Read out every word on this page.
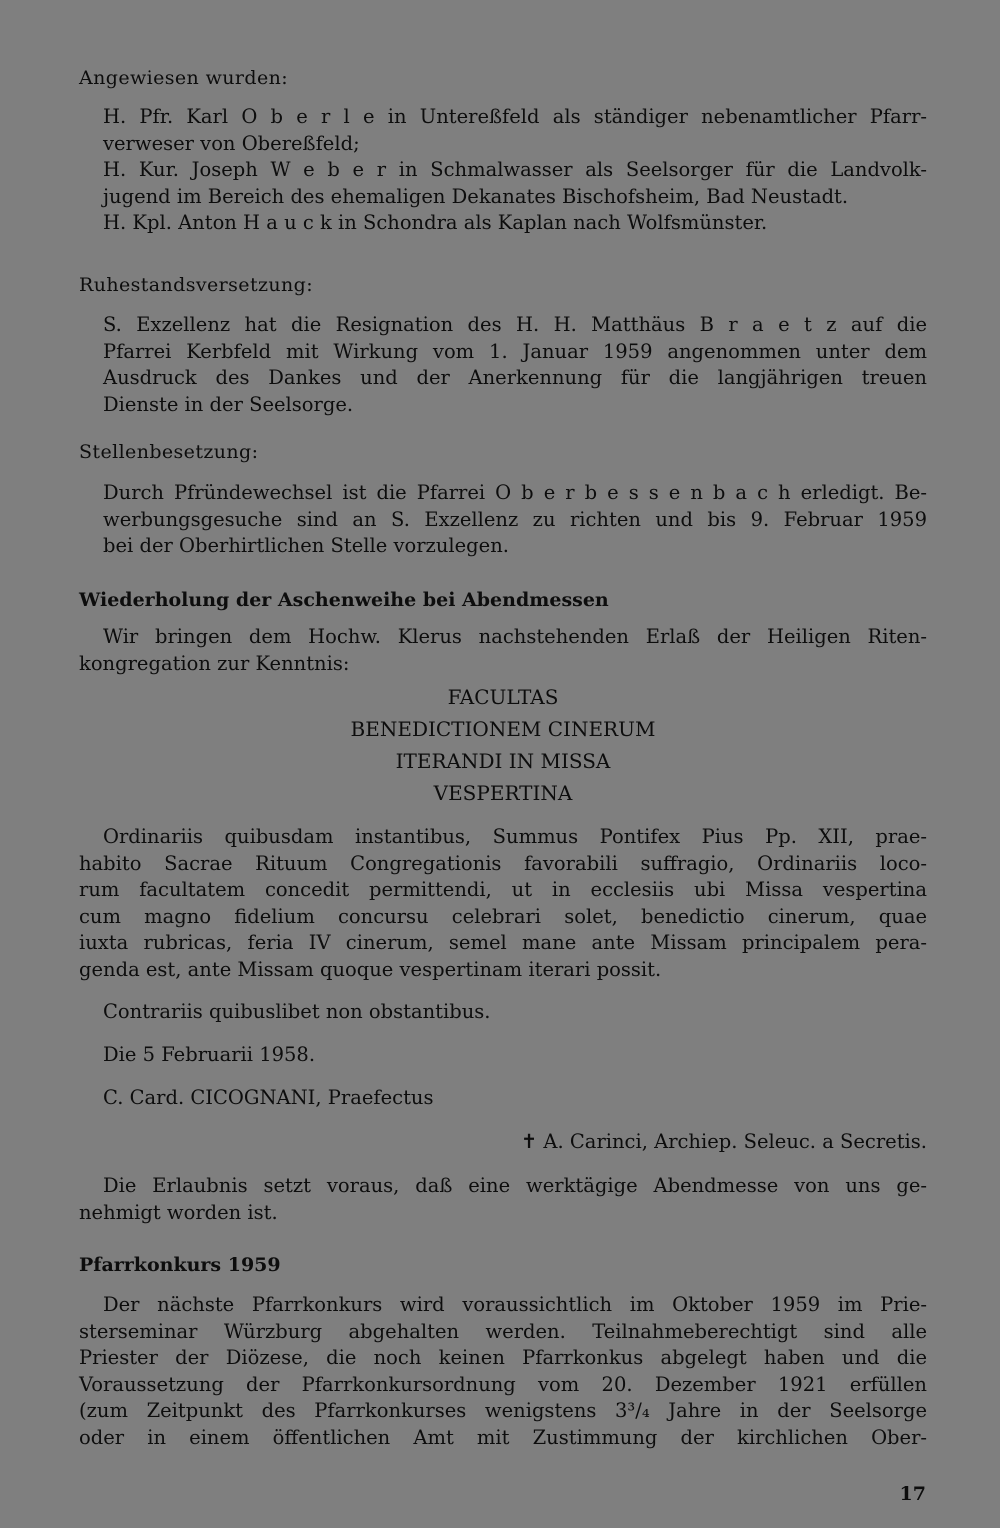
Angewiesen wurden:
H. Pfr. Karl O b e r l e in Untereßfeld als ständiger nebenamtlicher Pfarr-
verweser von Obereßfeld;
H. Kur. Joseph W e b e r in Schmalwasser als Seelsorger für die Landvolk-
jugend im Bereich des ehemaligen Dekanates Bischofsheim, Bad Neustadt.
H. Kpl. Anton H a u c k in Schondra als Kaplan nach Wolfsmünster.
Ruhestandsversetzung:
S. Exzellenz hat die Resignation des H. H. Matthäus B r a e t z auf die
Pfarrei Kerbfeld mit Wirkung vom 1. Januar 1959 angenommen unter dem
Ausdruck des Dankes und der Anerkennung für die langjährigen treuen
Dienste in der Seelsorge.
Stellenbesetzung:
Durch Pfründewechsel ist die Pfarrei O b e r b e s s e n b a c h erledigt. Be-
werbungsgesuche sind an S. Exzellenz zu richten und bis 9. Februar 1959
bei der Oberhirtlichen Stelle vorzulegen.
Wiederholung der Aschenweihe bei Abendmessen
Wir bringen dem Hochw. Klerus nachstehenden Erlaß der Heiligen Riten-
kongregation zur Kenntnis:
FACULTAS
BENEDICTIONEM CINERUM
ITERANDI IN MISSA
VESPERTINA
Ordinariis quibusdam instantibus, Summus Pontifex Pius Pp. XII, prae-
habito Sacrae Rituum Congregationis favorabili suffragio, Ordinariis loco-
rum facultatem concedit permittendi, ut in ecclesiis ubi Missa vespertina
cum magno fidelium concursu celebrari solet, benedictio cinerum, quae
iuxta rubricas, feria IV cinerum, semel mane ante Missam principalem pera-
genda est, ante Missam quoque vespertinam iterari possit.
Contrariis quibuslibet non obstantibus.
Die 5 Februarii 1958.
C. Card. CICOGNANI, Praefectus
✝ A. Carinci, Archiep. Seleuc. a Secretis.
Die Erlaubnis setzt voraus, daß eine werktägige Abendmesse von uns ge-
nehmigt worden ist.
Pfarrkonkurs 1959
Der nächste Pfarrkonkurs wird voraussichtlich im Oktober 1959 im Prie-
sterseminar Würzburg abgehalten werden. Teilnahmeberechtigt sind alle
Priester der Diözese, die noch keinen Pfarrkonkus abgelegt haben und die
Voraussetzung der Pfarrkonkursordnung vom 20. Dezember 1921 erfüllen
(zum Zeitpunkt des Pfarrkonkurses wenigstens 3³/₄ Jahre in der Seelsorge
oder in einem öffentlichen Amt mit Zustimmung der kirchlichen Ober-
17
